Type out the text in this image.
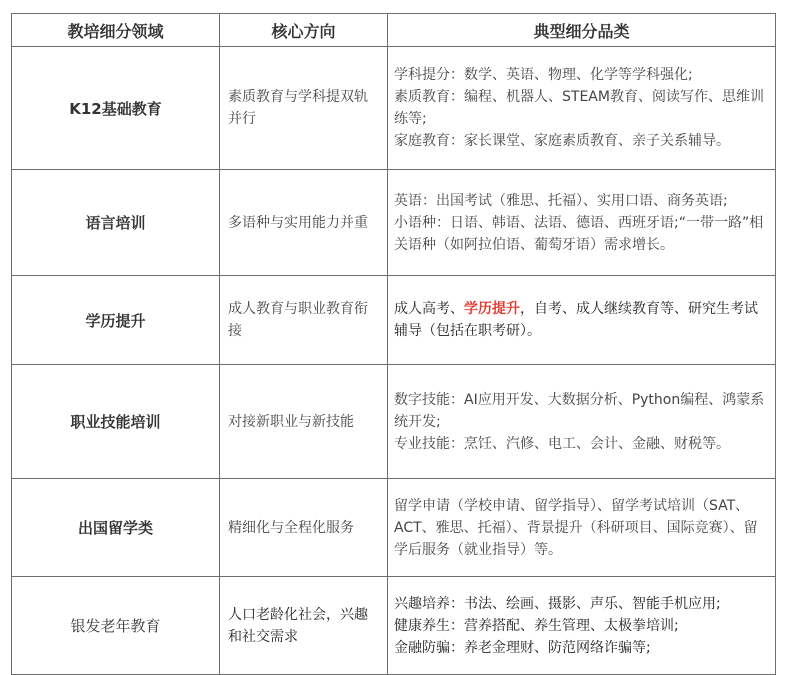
教培细分领域	核心方向	典型细分品类
K12基础教育	素质教育与学科提双轨并行	学科提分：数学、英语、物理、化学等学科强化;
素质教育：编程、机器人、STEAM教育、阅读写作、思维训练等;
家庭教育：家长课堂、家庭素质教育、亲子关系辅导。

语言培训	多语种与实用能力并重	英语：出国考试（雅思、托福）、实用口语、商务英语;
小语种：日语、韩语、法语、德语、西班牙语;“一带一路”相关语种（如阿拉伯语、葡萄牙语）需求增长。

学历提升	成人教育与职业教育衔接	成人高考、学历提升，自考、成人继续教育等、研究生考试辅导（包括在职考研）。
职业技能培训	对接新职业与新技能	数字技能：AI应用开发、大数据分析、Python编程、鸿蒙系统开发;
专业技能：烹饪、汽修、电工、会计、金融、财税等。

出国留学类	精细化与全程化服务	留学申请（学校申请、留学指导）、留学考试培训（SAT、ACT、雅思、托福）、背景提升（科研项目、国际竞赛）、留学后服务（就业指导）等。

银发老年教育	人口老龄化社会，兴趣和社交需求	兴趣培养：书法、绘画、摄影、声乐、智能手机应用;
健康养生：营养搭配、养生管理、太极拳培训;
金融防骗：养老金理财、防范网络诈骗等;
